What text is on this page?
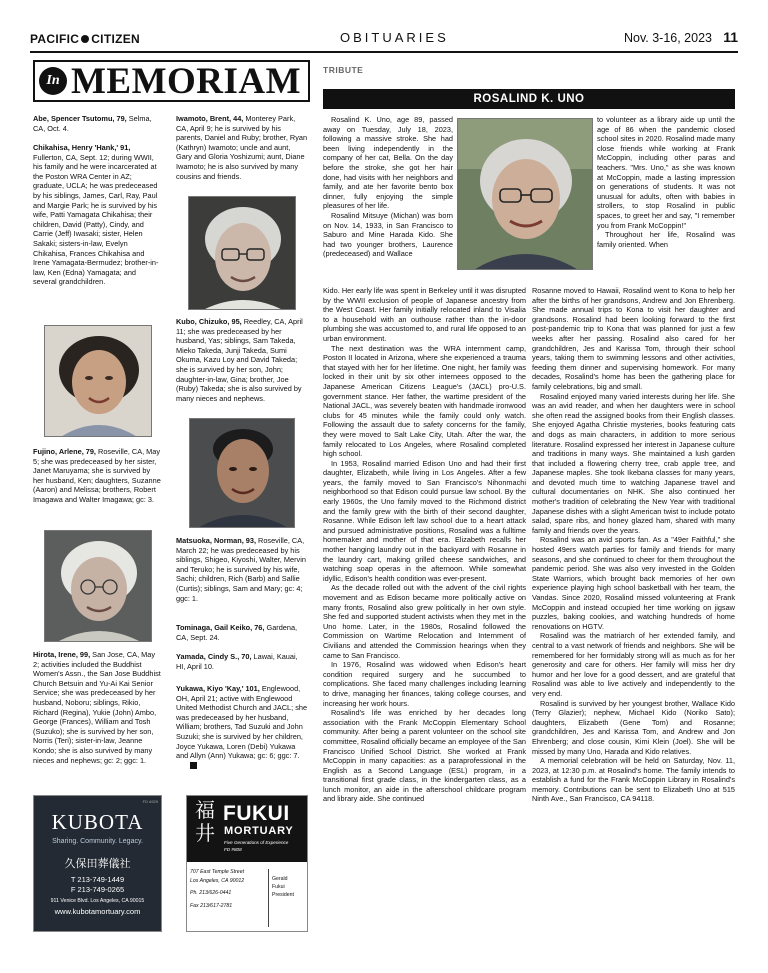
PACIFIC CITIZEN	OBITUARIES	Nov. 3-16, 2023 11
In MEMORIAM	TRIBUTE
ROSALIND K. UNO
Abe, Spencer Tsutomu, 79, Selma, CA, Oct. 4.
Chikahisa, Henry 'Hank,' 91, Fullerton, CA, Sept. 12; during WWII, his family and he were incarcerated at the Poston WRA Center in AZ; graduate, UCLA; he was predeceased by his siblings, James, Carl, Ray, Paul and Margie Park; he is survived by his wife, Patti Yamagata Chikahisa; their children, David (Patty), Cindy, and Carrie (Jeff) Iwasaki; sister, Helen Sakaki; sisters-in-law, Evelyn Chikahisa, Frances Chikahisa and Irene Yamagata-Bermudez; brother-in-law, Ken (Edna) Yamagata; and several grandchildren.
Fujino, Arlene, 79, Roseville, CA, May 5; she was predeceased by her sister, Janet Maruyama; she is survived by her husband, Ken; daughters, Suzanne (Aaron) and Melissa; brothers, Robert Imagawa and Walter Imagawa; gc: 3.
Hirota, Irene, 99, San Jose, CA, May 2; activities included the Buddhist Women's Assn., the San Jose Buddhist Church Betsuin and Yu-Ai Kai Senior Service; she was predeceased by her husband, Noboru; siblings, Rikio, Richard (Regina), Yukie (John) Ambo, George (Frances), William and Tosh (Suzuko); she is survived by her son, Norris (Teri); sister-in-law, Jeanne Kondo; she is also survived by many nieces and nephews; gc: 2; ggc: 1.
Iwamoto, Brent, 44, Monterey Park, CA, April 9; he is survived by his parents, Daniel and Ruby; brother, Ryan (Kathryn) Iwamoto; uncle and aunt, Gary and Gloria Yoshizumi; aunt, Diane Iwamoto; he is also survived by many cousins and friends.
Kubo, Chizuko, 95, Reedley, CA, April 11; she was predeceased by her husband, Yas; siblings, Sam Takeda, Mieko Takeda, Junji Takeda, Sumi Okuma, Kazu Loy and David Takeda; she is survived by her son, John; daughter-in-law, Gina; brother, Joe (Ruby) Takeda; she is also survived by many nieces and nephews.
Matsuoka, Norman, 93, Roseville, CA, March 22; he was predeceased by his siblings, Shigeo, Kiyoshi, Walter, Mervin and Teruko; he is survived by his wife, Sachi; children, Rich (Barb) and Sallie (Curtis); siblings, Sam and Mary; gc: 4; ggc: 1.
Tominaga, Gail Keiko, 76, Gardena, CA, Sept. 24.
Yamada, Cindy S., 70, Lawai, Kauai, HI, April 10.
Yukawa, Kiyo 'Kay,' 101, Englewood, OH, April 21; active with Englewood United Methodist Church and JACL; she was predeceased by her husband, William; brothers, Tad Suzuki and John Suzuki; she is survived by her children, Joyce Yukawa, Loren (Debi) Yukawa and Allyn (Ann) Yukawa; gc: 6; ggc: 7.
FD #929
KUBOTA
Sharing. Community. Legacy.
久保田葬儀社
T 213-749-1449
F 213-749-0265
911 Venice Blvd. Los Angeles, CA 90015
www.kubotamortuary.com
福井
FUKUI
MORTUARY
Five Generations of Experience
FD #808
707 East Temple Street
Los Angeles, CA 90012
Ph. 213/626-0441
Fax 213/617-2781
Gerald
Fukui
President

Rosalind K. Uno, age 89, passed away on Tuesday, July 18, 2023, following a massive stroke. She had been living independently in the company of her cat, Bella. On the day before the stroke, she got her hair done, had visits with her neighbors and family, and ate her favorite bento box dinner, fully enjoying the simple pleasures of her life.

Rosalind Mitsuye (Michan) was born on Nov. 14, 1933, in San Francisco to Saburo and Mine Harada Kido. She had two younger brothers, Laurence (predeceased) and Wallace

to volunteer as a library aide up until the age of 86 when the pandemic closed school sites in 2020. Rosalind made many close friends while working at Frank McCoppin, including other paras and teachers. "Mrs. Uno," as she was known at McCoppin, made a lasting impression on generations of students. It was not unusual for adults, often with babies in strollers, to stop Rosalind in public spaces, to greet her and say, "I remember you from Frank McCoppin!"

Throughout her life, Rosalind was family oriented. When

Kido. Her early life was spent in Berkeley until it was disrupted by the WWII exclusion of people of Japanese ancestry from the West Coast. Her family initially relocated inland to Visalia to a household with an outhouse rather than the in-door plumbing she was accustomed to, and rural life opposed to an urban environment.

The next destination was the WRA internment camp, Poston II located in Arizona, where she experienced a trauma that stayed with her for her lifetime. One night, her family was locked in their unit by six other internees opposed to the Japanese American Citizens League's (JACL) pro-U.S. government stance. Her father, the wartime president of the National JACL, was severely beaten with handmade ironwood clubs for 45 minutes while the family could only watch. Following the assault due to safety concerns for the family, they were moved to Salt Lake City, Utah. After the war, the family relocated to Los Angeles, where Rosalind completed high school.

In 1953, Rosalind married Edison Uno and had their first daughter, Elizabeth, while living in Los Angeles. After a few years, the family moved to San Francisco's Nihonmachi neighborhood so that Edison could pursue law school. By the early 1960s, the Uno family moved to the Richmond district and the family grew with the birth of their second daughter, Rosanne. While Edison left law school due to a heart attack and pursued administrative positions, Rosalind was a fulltime homemaker and mother of that era. Elizabeth recalls her mother hanging laundry out in the backyard with Rosanne in the laundry cart, making grilled cheese sandwiches, and watching soap operas in the afternoon. While somewhat idyllic, Edison's health condition was ever-present.

As the decade rolled out with the advent of the civil rights movement and as Edison became more politically active on many fronts, Rosalind also grew politically in her own style. She fed and supported student activists when they met in the Uno home. Later, in the 1980s, Rosalind followed the Commission on Wartime Relocation and Internment of Civilians and attended the Commission hearings when they came to San Francisco.

In 1976, Rosalind was widowed when Edison's heart condition required surgery and he succumbed to complications. She faced many challenges including learning to drive, managing her finances, taking college courses, and increasing her work hours.

Rosalind's life was enriched by her decades long association with the Frank McCoppin Elementary School community. After being a parent volunteer on the school site committee, Rosalind officially became an employee of the San Francisco Unified School District. She worked at Frank McCoppin in many capacities: as a paraprofessional in the English as a Second Language (ESL) program, in a transitional first grade class, in the kindergarten class, as a lunch monitor, an aide in the afterschool childcare program and library aide. She continued

Rosanne moved to Hawaii, Rosalind went to Kona to help her after the births of her grandsons, Andrew and Jon Ehrenberg. She made annual trips to Kona to visit her daughter and grandsons. Rosalind had been looking forward to the first post-pandemic trip to Kona that was planned for just a few weeks after her passing. Rosalind also cared for her grandchildren, Jes and Karissa Tom, through their school years, taking them to swimming lessons and other activities, feeding them dinner and supervising homework. For many decades, Rosalind's home has been the gathering place for family celebrations, big and small.

Rosalind enjoyed many varied interests during her life. She was an avid reader, and when her daughters were in school she often read the assigned books from their English classes. She enjoyed Agatha Christie mysteries, books featuring cats and dogs as main characters, in addition to more serious literature. Rosalind expressed her interest in Japanese culture and traditions in many ways. She maintained a lush garden that included a flowering cherry tree, crab apple tree, and Japanese maples. She took Ikebana classes for many years, and devoted much time to watching Japanese travel and cultural documentaries on NHK. She also continued her mother's tradition of celebrating the New Year with traditional Japanese dishes with a slight American twist to include potato salad, spare ribs, and honey glazed ham, shared with many family and friends over the years.

Rosalind was an avid sports fan. As a "49er Faithful," she hosted 49ers watch parties for family and friends for many seasons, and she continued to cheer for them throughout the pandemic period. She was also very invested in the Golden State Warriors, which brought back memories of her own experience playing high school basketball with her team, the Vandas. Since 2020, Rosalind missed volunteering at Frank McCoppin and instead occupied her time working on jigsaw puzzles, baking cookies, and watching hundreds of home renovations on HGTV.

Rosalind was the matriarch of her extended family, and central to a vast network of friends and neighbors. She will be remembered for her formidably strong will as much as for her generosity and care for others. Her family will miss her dry humor and her love for a good dessert, and are grateful that Rosalind was able to live actively and independently to the very end.

Rosalind is survived by her youngest brother, Wallace Kido (Terry Glazier); nephew, Michael Kido (Noriko Sato); daughters, Elizabeth (Gene Tom) and Rosanne; grandchildren, Jes and Karissa Tom, and Andrew and Jon Ehrenberg; and close cousin, Kimi Klein (Joel). She will be missed by many Uno, Harada and Kido relatives.

A memorial celebration will be held on Saturday, Nov. 11, 2023, at 12:30 p.m. at Rosalind's home. The family intends to establish a fund for the Frank McCoppin Library in Rosalind's memory. Contributions can be sent to Elizabeth Uno at 515 Ninth Ave., San Francisco, CA 94118.
